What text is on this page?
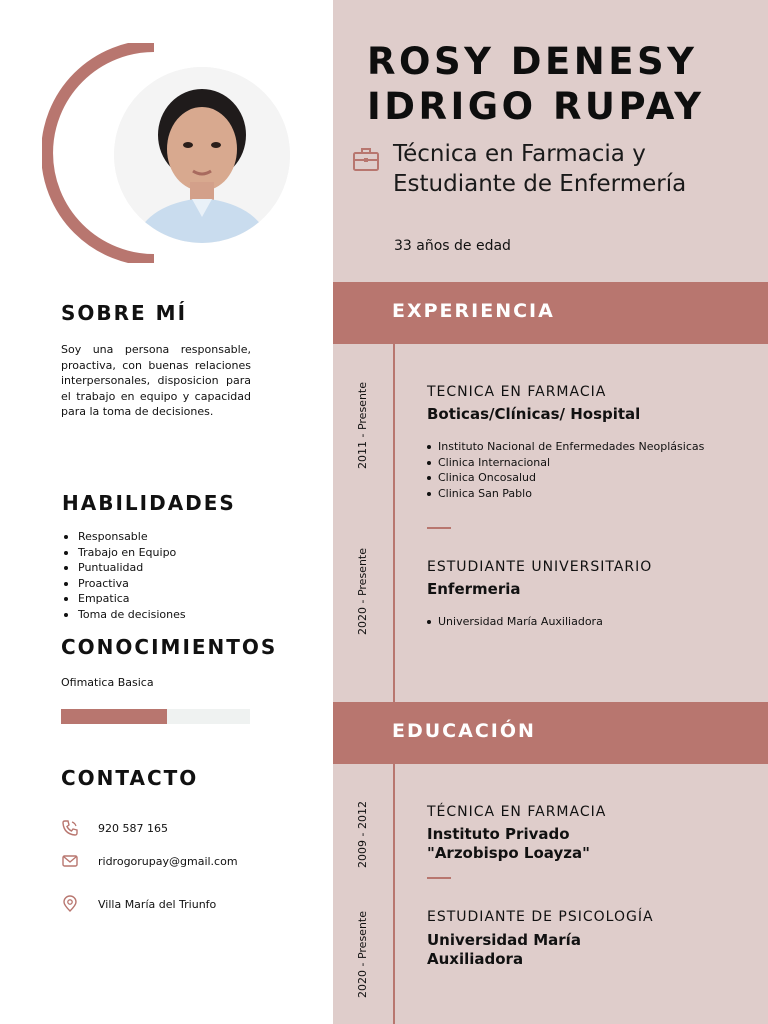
SOBRE MÍ
Soy una persona responsable, proactiva, con buenas relaciones interpersonales, disposicion para el trabajo en equipo y capacidad para la toma de decisiones.
HABILIDADES
Responsable
Trabajo en Equipo
Puntualidad
Proactiva
Empatica
Toma de decisiones
CONOCIMIENTOS
Ofimatica Basica
CONTACTO
920 587 165
ridrogorupay@gmail.com
Villa María del Triunfo
ROSY DENESY
IDRIGO RUPAY
Técnica en Farmacia y
Estudiante de Enfermería
33 años de edad
EXPERIENCIA
2011 - Presente	TECNICA EN FARMACIA
Boticas/Clínicas/ Hospital
Instituto Nacional de Enfermedades Neoplásicas
Clinica Internacional
Clinica Oncosalud
Clinica San Pablo
2020 - Presente	ESTUDIANTE UNIVERSITARIO
Enfermeria
Universidad María Auxiliadora
EDUCACIÓN
2009 - 2012	TÉCNICA EN FARMACIA
Instituto Privado
"Arzobispo Loayza"
2020 - Presente	ESTUDIANTE DE PSICOLOGÍA
Universidad María
Auxiliadora
